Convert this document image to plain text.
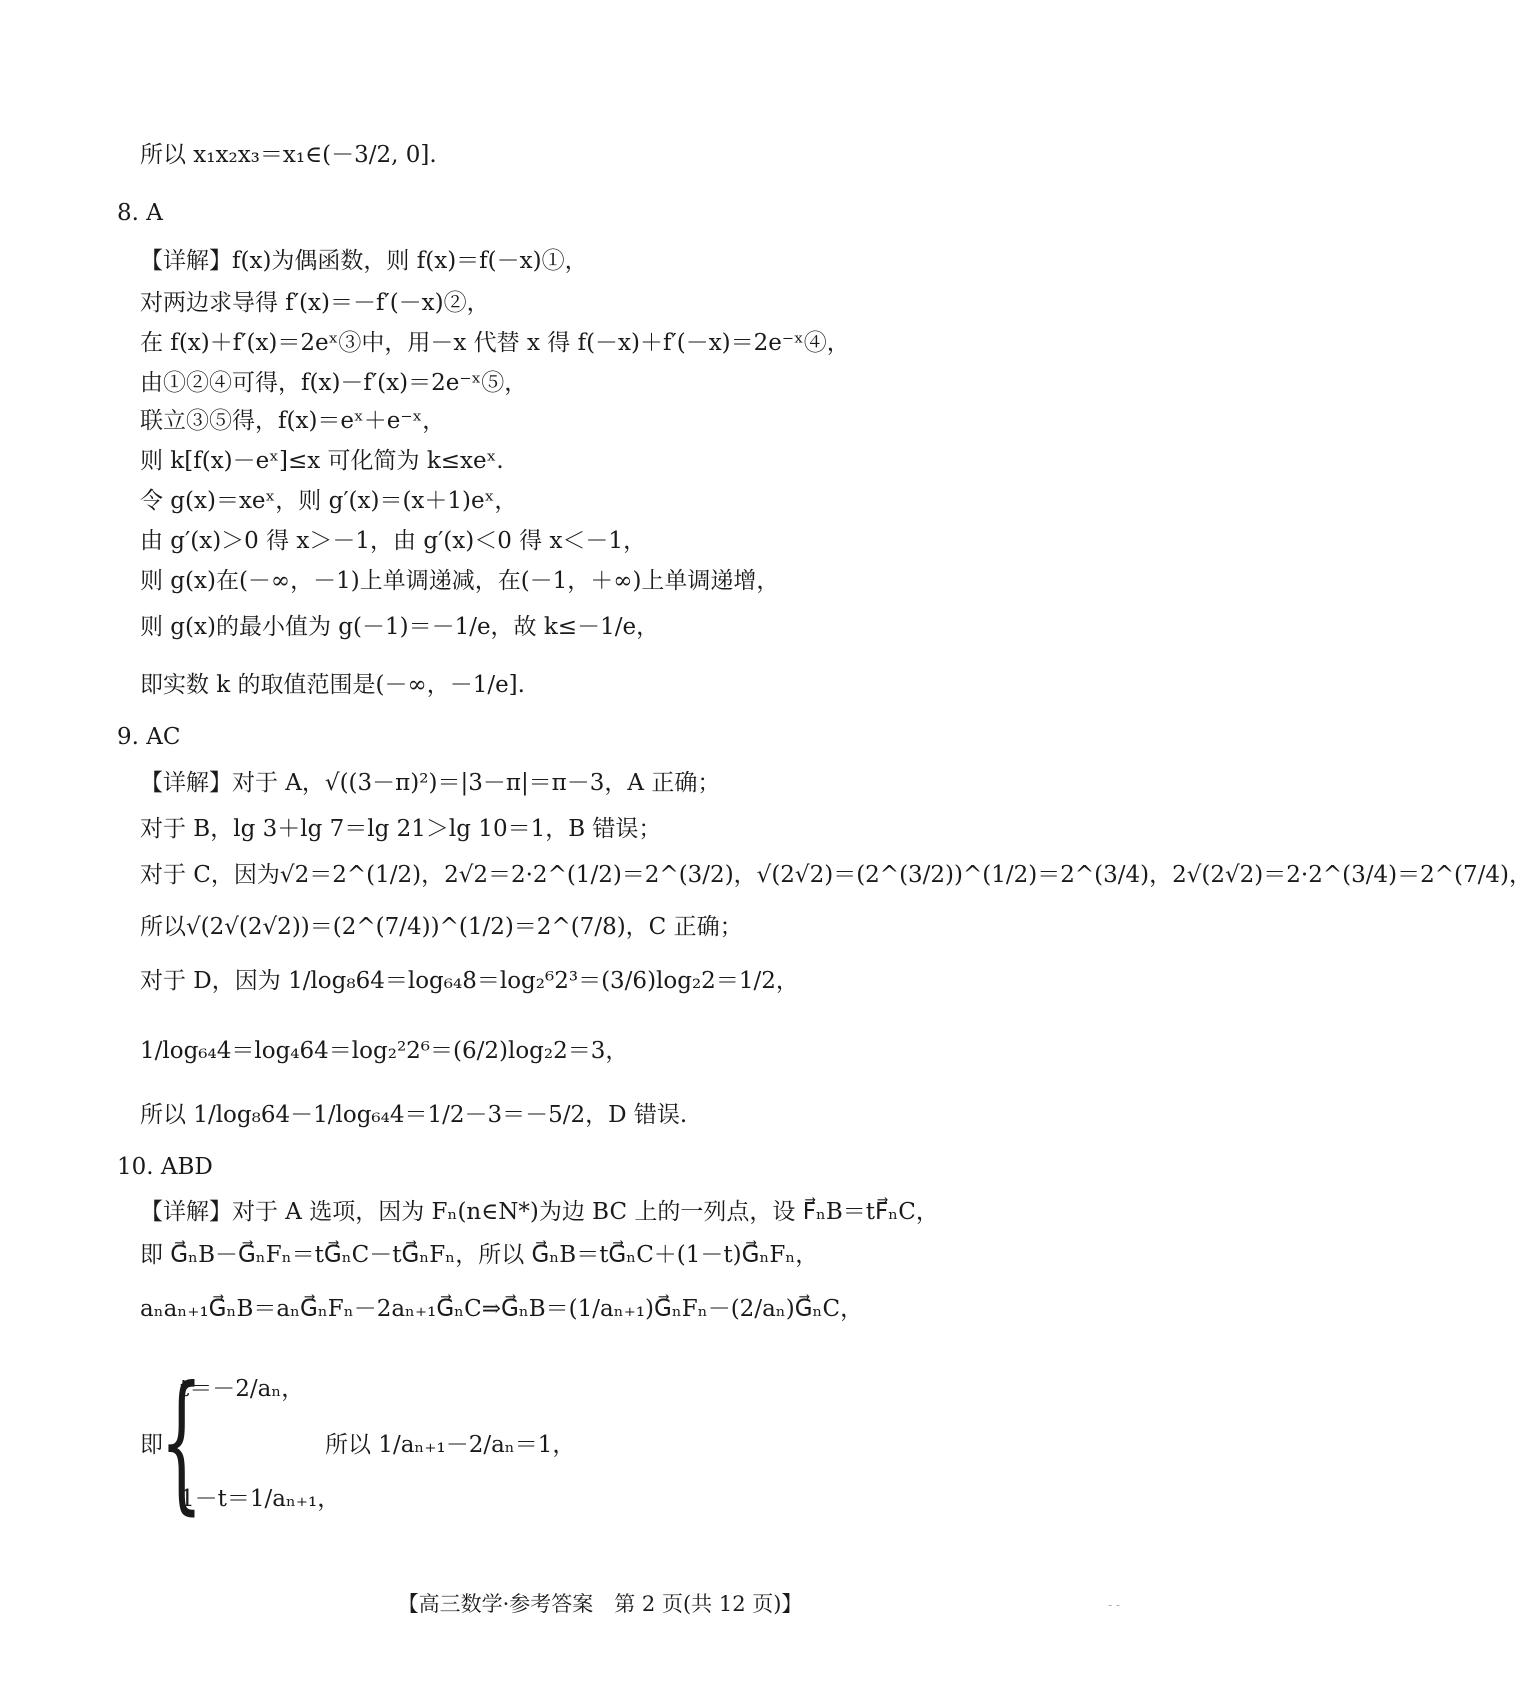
所以 x₁x₂x₃＝x₁∈(－3/2, 0].
8. A
【详解】f(x)为偶函数，则 f(x)＝f(－x)①，
对两边求导得 f′(x)＝－f′(－x)②，
在 f(x)＋f′(x)＝2eˣ③中，用－x 代替 x 得 f(－x)＋f′(－x)＝2e⁻ˣ④，
由①②④可得，f(x)－f′(x)＝2e⁻ˣ⑤，
联立③⑤得，f(x)＝eˣ＋e⁻ˣ，
则 k[f(x)－eˣ]≤x 可化简为 k≤xeˣ.
令 g(x)＝xeˣ，则 g′(x)＝(x＋1)eˣ，
由 g′(x)＞0 得 x＞－1，由 g′(x)＜0 得 x＜－1，
则 g(x)在(－∞，－1)上单调递减，在(－1，＋∞)上单调递增，
则 g(x)的最小值为 g(－1)＝－1/e，故 k≤－1/e，
即实数 k 的取值范围是(－∞，－1/e].
9. AC
【详解】对于 A，√((3－π)²)＝|3－π|＝π－3，A 正确；
对于 B，lg 3＋lg 7＝lg 21＞lg 10＝1，B 错误；
对于 C，因为√2＝2^(1/2)，2√2＝2·2^(1/2)＝2^(3/2)，√(2√2)＝(2^(3/2))^(1/2)＝2^(3/4)，2√(2√2)＝2·2^(3/4)＝2^(7/4)，
所以√(2√(2√2))＝(2^(7/4))^(1/2)＝2^(7/8)，C 正确；
对于 D，因为 1/log₈64＝log₆₄8＝log₂⁶2³＝(3/6)log₂2＝1/2，
1/log₆₄4＝log₄64＝log₂²2⁶＝(6/2)log₂2＝3，
所以 1/log₈64－1/log₆₄4＝1/2－3＝－5/2，D 错误.
10. ABD
【详解】对于 A 选项，因为 Fₙ(n∈N*)为边 BC 上的一列点，设 F⃗ₙB＝tF⃗ₙC，
即 G⃗ₙB－G⃗ₙFₙ＝tG⃗ₙC－tG⃗ₙFₙ，所以 G⃗ₙB＝tG⃗ₙC＋(1－t)G⃗ₙFₙ，
aₙaₙ₊₁G⃗ₙB＝aₙG⃗ₙFₙ－2aₙ₊₁G⃗ₙC⇒G⃗ₙB＝(1/aₙ₊₁)G⃗ₙFₙ－(2/aₙ)G⃗ₙC，
即
{
t＝－2/aₙ，
1－t＝1/aₙ₊₁，
所以 1/aₙ₊₁－2/aₙ＝1，
【高三数学·参考答案　第 2 页(共 12 页)】	- -
